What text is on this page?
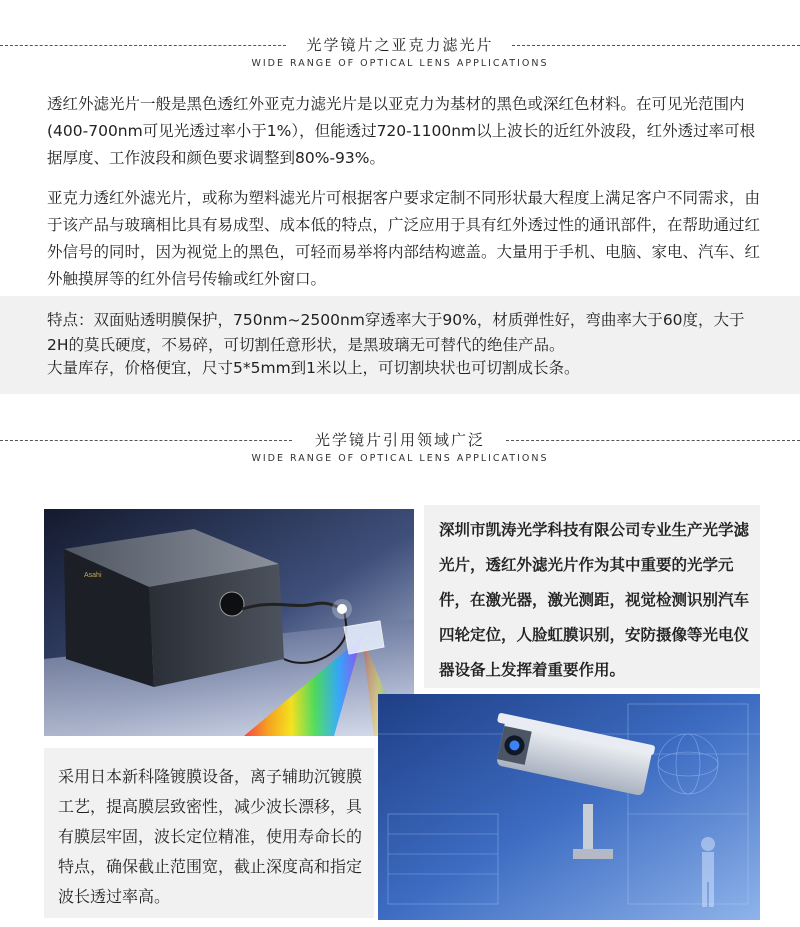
光学镜片之亚克力滤光片
WIDE RANGE OF OPTICAL LENS APPLICATIONS

透红外滤光片一般是黑色透红外亚克力滤光片是以亚克力为基材的黑色或深红色材料。在可见光范围内(400-700nm可见光透过率小于1%），但能透过720-1100nm以上波长的近红外波段，红外透过率可根据厚度、工作波段和颜色要求调整到80%-93%。

亚克力透红外滤光片，或称为塑料滤光片可根据客户要求定制不同形状最大程度上满足客户不同需求，由于该产品与玻璃相比具有易成型、成本低的特点，广泛应用于具有红外透过性的通讯部件，在帮助通过红外信号的同时，因为视觉上的黑色，可轻而易举将内部结构遮盖。大量用于手机、电脑、家电、汽车、红外触摸屏等的红外信号传输或红外窗口。

特点：双面贴透明膜保护，750nm~2500nm穿透率大于90%，材质弹性好，弯曲率大于60度，大于2H的莫氏硬度，不易碎，可切割任意形状，是黑玻璃无可替代的绝佳产品。

大量库存，价格便宜，尺寸5*5mm到1米以上，可切割块状也可切割成长条。

光学镜片引用领域广泛
WIDE RANGE OF OPTICAL LENS APPLICATIONS
Asahi

深圳市凯涛光学科技有限公司专业生产光学滤光片，透红外滤光片作为其中重要的光学元件，在激光器，激光测距，视觉检测识别汽车四轮定位，人脸虹膜识别，安防摄像等光电仪器设备上发挥着重要作用。

采用日本新科隆镀膜设备，离子辅助沉镀膜工艺，提高膜层致密性，减少波长漂移，具有膜层牢固，波长定位精准，使用寿命长的特点，确保截止范围宽，截止深度高和指定波长透过率高。
